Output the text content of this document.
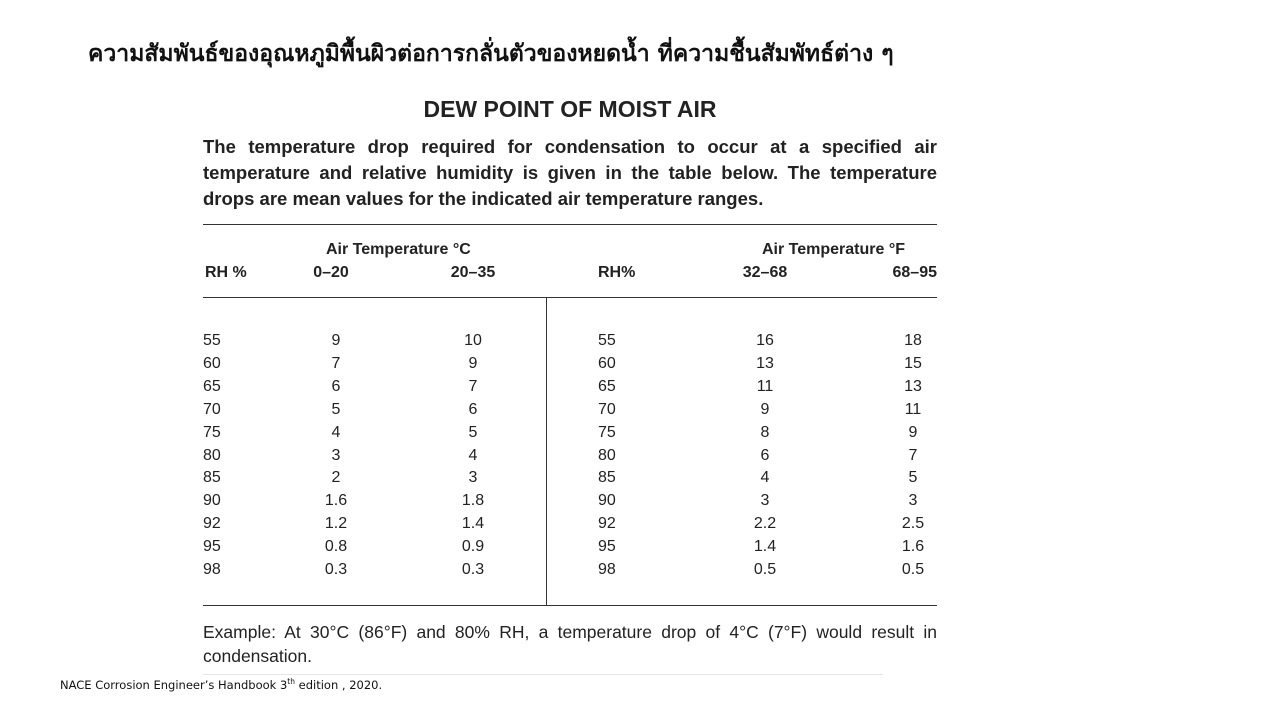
ความสัมพันธ์ของอุณหภูมิพื้นผิวต่อการกลั่นตัวของหยดน้ำ ที่ความชื้นสัมพัทธ์ต่าง ๆ
DEW POINT OF MOIST AIR
The temperature drop required for condensation to occur at a specified air temperature and relative humidity is given in the table below. The temperature drops are mean values for the indicated air temperature ranges.
Air Temperature °C
RH %	0–20	20–35
Air Temperature °F
RH%	32–68	68–95
55	9	10	55	16	18
60	7	9	60	13	15
65	6	7	65	11	13
70	5	6	70	9	11
75	4	5	75	8	9
80	3	4	80	6	7
85	2	3	85	4	5
90	1.6	1.8	90	3	3
92	1.2	1.4	92	2.2	2.5
95	0.8	0.9	95	1.4	1.6
98	0.3	0.3	98	0.5	0.5
Example: At 30°C (86°F) and 80% RH, a temperature drop of 4°C (7°F) would result in condensation.
NACE Corrosion Engineer’s Handbook 3th edition , 2020.
